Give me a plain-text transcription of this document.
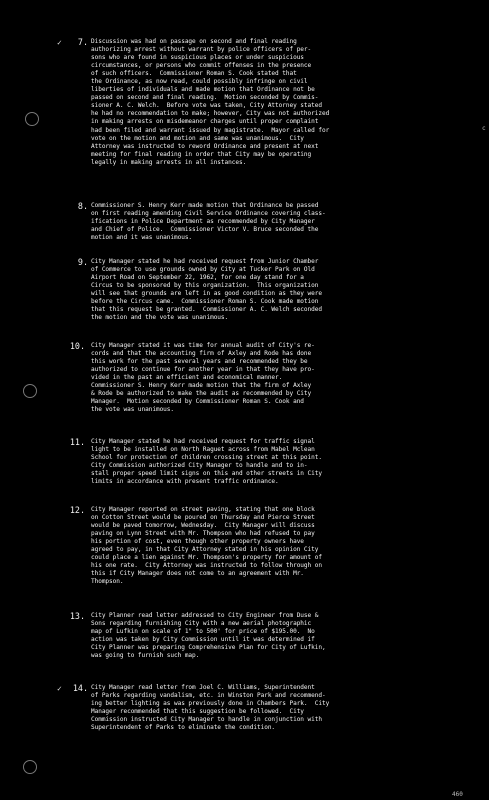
7. Discussion was had on passage on second and final reading
authorizing arrest without warrant by police officers of per-
sons who are found in suspicious places or under suspicious
circumstances, or persons who commit offenses in the presence
of such officers.  Commissioner Roman S. Cook stated that
the Ordinance, as now read, could possibly infringe on civil
liberties of individuals and made motion that Ordinance not be
passed on second and final reading.  Motion seconded by Commis-
sioner A. C. Welch.  Before vote was taken, City Attorney stated
he had no recommendation to make; however, City was not authorized
in making arrests on misdemeanor charges until proper complaint
had been filed and warrant issued by magistrate.  Mayor called for
vote on the motion and motion and same was unanimous.  City
Attorney was instructed to reword Ordinance and present at next
meeting for final reading in order that City may be operating
legally in making arrests in all instances.
8. Commissioner S. Henry Kerr made motion that Ordinance be passed
on first reading amending Civil Service Ordinance covering class-
ifications in Police Department as recommended by City Manager
and Chief of Police.  Commissioner Victor V. Bruce seconded the
motion and it was unanimous.
9. City Manager stated he had received request from Junior Chamber
of Commerce to use grounds owned by City at Tucker Park on Old
Airport Road on September 22, 1962, for one day stand for a
Circus to be sponsored by this organization.  This organization
will see that grounds are left in as good condition as they were
before the Circus came.  Commissioner Roman S. Cook made motion
that this request be granted.  Commissioner A. C. Welch seconded
the motion and the vote was unanimous.
10. City Manager stated it was time for annual audit of City's re-
cords and that the accounting firm of Axley and Rode has done
this work for the past several years and recommended they be
authorized to continue for another year in that they have pro-
vided in the past an efficient and economical manner.
Commissioner S. Henry Kerr made motion that the firm of Axley
& Rode be authorized to make the audit as recommended by City
Manager.  Motion seconded by Commissioner Roman S. Cook and
the vote was unanimous.
11. City Manager stated he had received request for traffic signal
light to be installed on North Raguet across from Mabel Mclean
School for protection of children crossing street at this point.
City Commission authorized City Manager to handle and to in-
stall proper speed limit signs on this and other streets in City
limits in accordance with present traffic ordinance.
12. City Manager reported on street paving, stating that one block
on Cotton Street would be poured on Thursday and Pierce Street
would be paved tomorrow, Wednesday.  City Manager will discuss
paving on Lynn Street with Mr. Thompson who had refused to pay
his portion of cost, even though other property owners have
agreed to pay, in that City Attorney stated in his opinion City
could place a lien against Mr. Thompson's property for amount of
his one rate.  City Attorney was instructed to follow through on
this if City Manager does not come to an agreement with Mr.
Thompson.
13. City Planner read letter addressed to City Engineer from Duse &
Sons regarding furnishing City with a new aerial photographic
map of Lufkin on scale of 1" to 500' for price of $195.00.  No
action was taken by City Commission until it was determined if
City Planner was preparing Comprehensive Plan for City of Lufkin,
was going to furnish such map.
14. City Manager read letter from Joel C. Williams, Superintendent
of Parks regarding vandalism, etc. in Winston Park and recommend-
ing better lighting as was previously done in Chambers Park.  City
Manager recommended that this suggestion be followed.  City
Commission instructed City Manager to handle in conjunction with
Superintendent of Parks to eliminate the condition.
✓
✓
c
460
